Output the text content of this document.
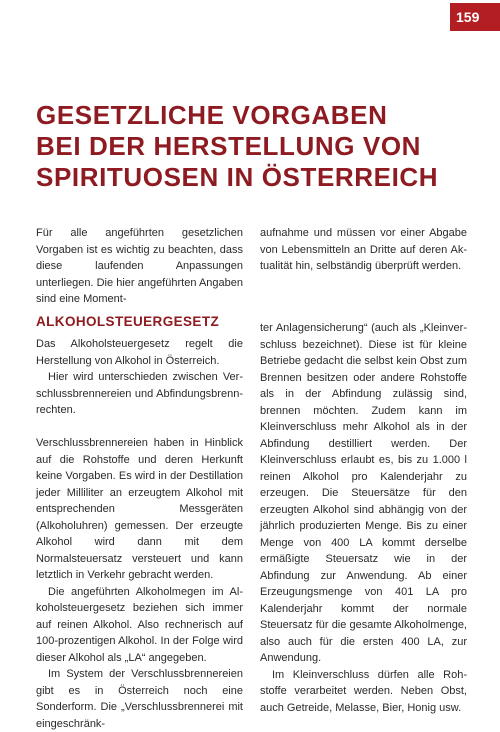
159
GESETZLICHE VORGABEN
BEI DER HERSTELLUNG VON
SPIRITUOSEN IN ÖSTERREICH

Für alle angeführten gesetzlichen Vorgaben ist es wichtig zu beachten, dass diese laufenden Anpassungen unterliegen. Die hier angeführten Angaben sind eine Moment-

aufnahme und müssen vor einer Abgabe von Lebensmitteln an Dritte auf deren Aktualität hin, selbständig überprüft werden.

ALKOHOLSTEUERGESETZ

Das Alkoholsteuergesetz regelt die Herstellung von Alkohol in Österreich.

Hier wird unterschieden zwischen Verschlussbrennereien und Abfindungsbrennrechten.

Verschlussbrennereien haben in Hinblick auf die Rohstoffe und deren Herkunft keine Vorgaben. Es wird in der Destillation jeder Milliliter an erzeugtem Alkohol mit entsprechenden Messgeräten (Alkoholuhren) gemessen. Der erzeugte Alkohol wird dann mit dem Normalsteuersatz versteuert und kann letztlich in Verkehr gebracht werden.

Die angeführten Alkoholmegen im Alkoholsteuergesetz beziehen sich immer auf reinen Alkohol. Also rechnerisch auf 100-prozentigen Alkohol. In der Folge wird dieser Alkohol als „LA“ angegeben.

Im System der Verschlussbrennereien gibt es in Österreich noch eine Sonderform. Die „Verschlussbrennerei mit eingeschränk-

ter Anlagensicherung“ (auch als „Kleinverschluss bezeichnet). Diese ist für kleine Betriebe gedacht die selbst kein Obst zum Brennen besitzen oder andere Rohstoffe als in der Abfindung zulässig sind, brennen möchten. Zudem kann im Kleinverschluss mehr Alkohol als in der Abfindung destilliert werden. Der Kleinverschluss erlaubt es, bis zu 1.000 l reinen Alkohol pro Kalenderjahr zu erzeugen. Die Steuersätze für den erzeugten Alkohol sind abhängig von der jährlich produzierten Menge. Bis zu einer Menge von 400 LA kommt derselbe ermäßigte Steuersatz wie in der Abfindung zur Anwendung. Ab einer Erzeugungsmenge von 401 LA pro Kalenderjahr kommt der normale Steuersatz für die gesamte Alkoholmenge, also auch für die ersten 400 LA, zur Anwendung.

Im Kleinverschluss dürfen alle Rohstoffe verarbeitet werden. Neben Obst, auch Getreide, Melasse, Bier, Honig usw.
